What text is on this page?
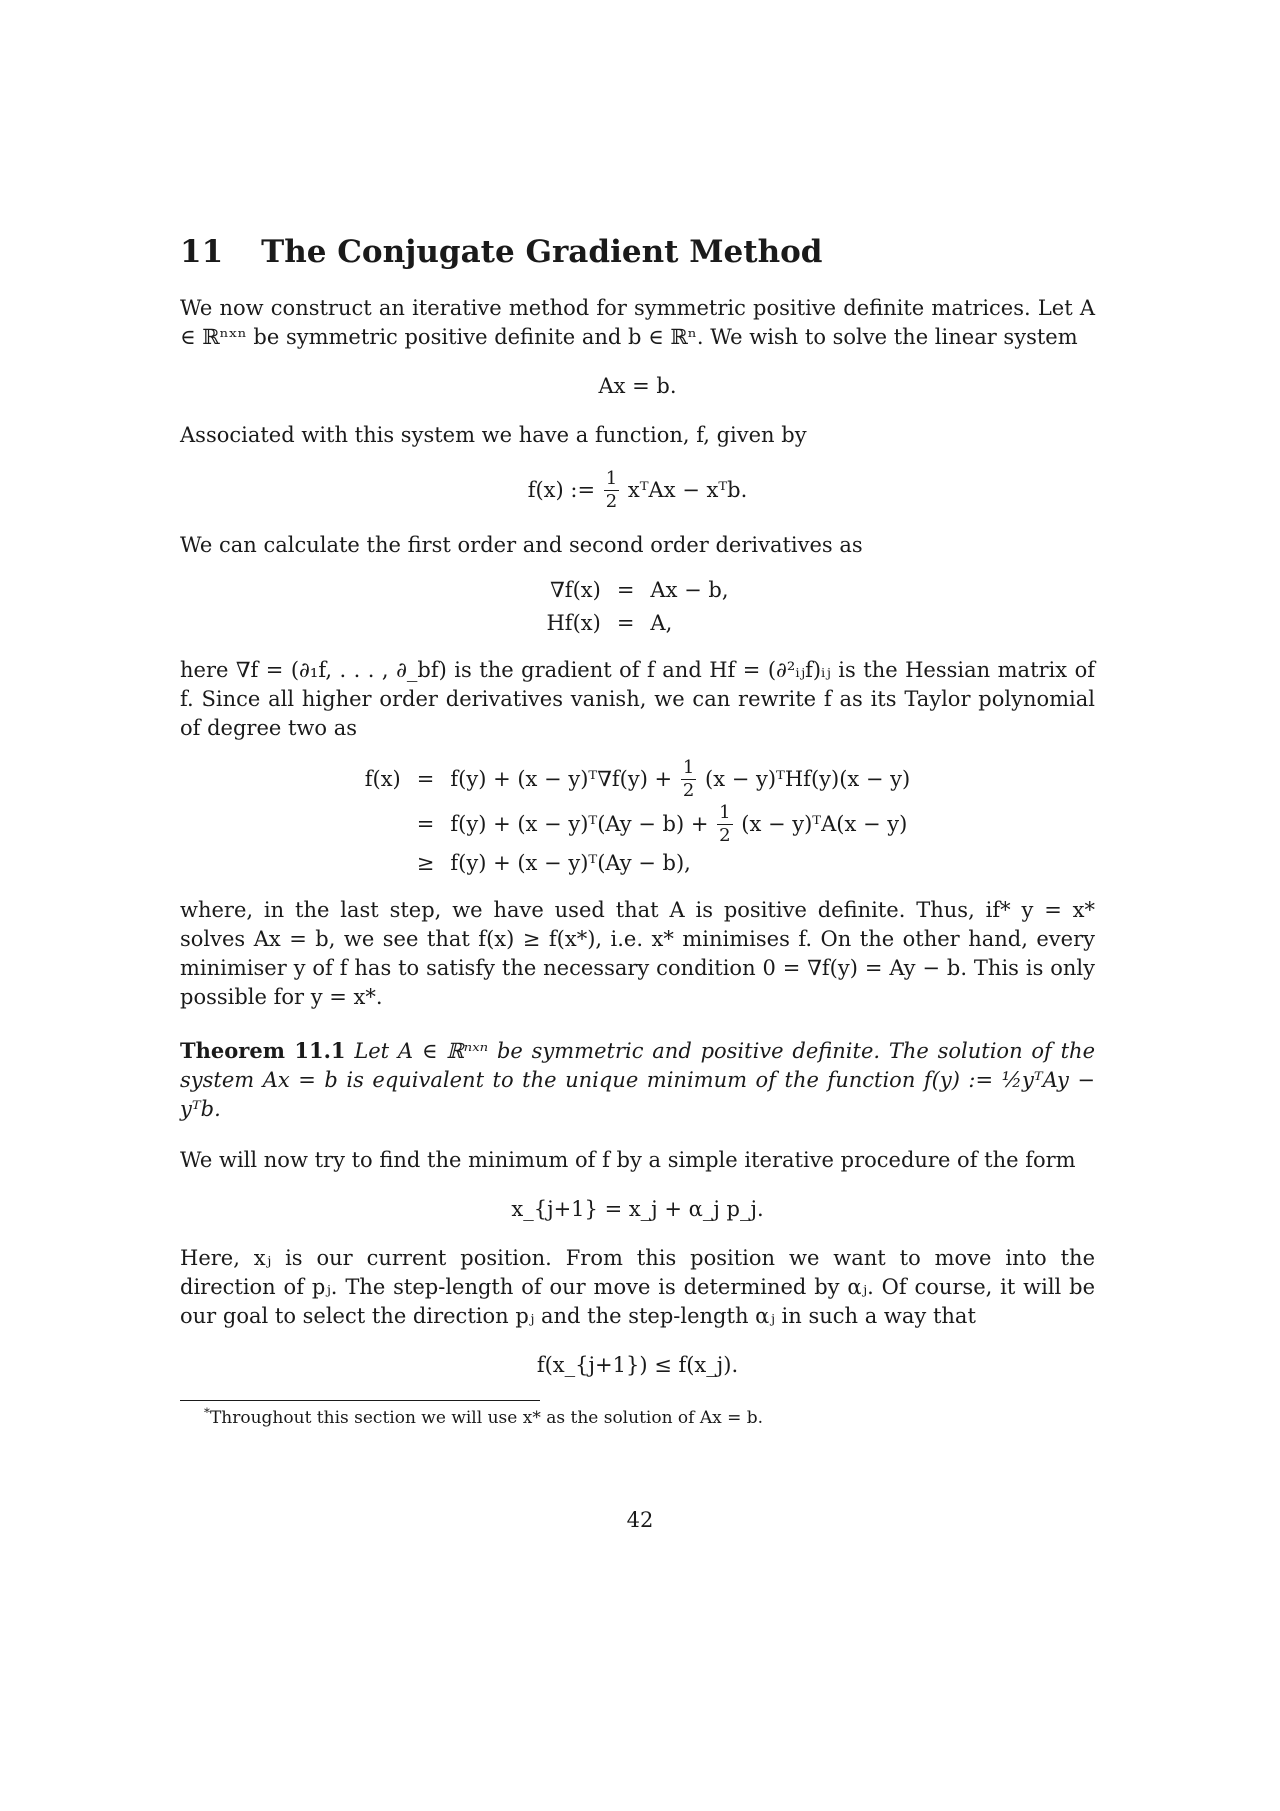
11 The Conjugate Gradient Method

We now construct an iterative method for symmetric positive definite matrices. Let A ∈ ℝⁿˣⁿ be symmetric positive definite and b ∈ ℝⁿ. We wish to solve the linear system

Ax = b.

Associated with this system we have a function, f, given by

f(x) := $\frac{1}{2}$ xᵀAx − xᵀb.

We can calculate the first order and second order derivatives as

∇f(x)	=	Ax − b,
Hf(x)	=	A,

here ∇f = (∂₁f, . . . , ∂_bf) is the gradient of f and Hf = (∂²ᵢⱼf)ᵢⱼ is the Hessian matrix of f. Since all higher order derivatives vanish, we can rewrite f as its Taylor polynomial of degree two as

f(x)	=	f(y) + (x − y)ᵀ∇f(y) + $\frac{1}{2} (x$ − y)ᵀHf(y)(x − y)
	=	f(y) + (x − y)ᵀ(Ay − $b) + \frac{1}{2} (x$ − y)ᵀA(x − y)
	≥	f(y) + (x − y)ᵀ(Ay − b),

where, in the last step, we have used that A is positive definite. Thus, if* y = x* solves Ax = b, we see that f(x) ≥ f(x*), i.e. x* minimises f. On the other hand, every minimiser y of f has to satisfy the necessary condition 0 = ∇f(y) = Ay − b. This is only possible for y = x*.

Theorem 11.1 Let A ∈ ℝⁿˣⁿ be symmetric and positive definite. The solution of the system Ax = b is equivalent to the unique minimum of the function f(y) := ½yᵀAy − yᵀb.

We will now try to find the minimum of f by a simple iterative procedure of the form

x_{j+1} = x_j + α_j p_j.

Here, xⱼ is our current position. From this position we want to move into the direction of pⱼ. The step-length of our move is determined by αⱼ. Of course, it will be our goal to select the direction pⱼ and the step-length αⱼ in such a way that

f(x_{j+1}) ≤ f(x_j).
*Throughout this section we will use x* as the solution of Ax = b.
42
